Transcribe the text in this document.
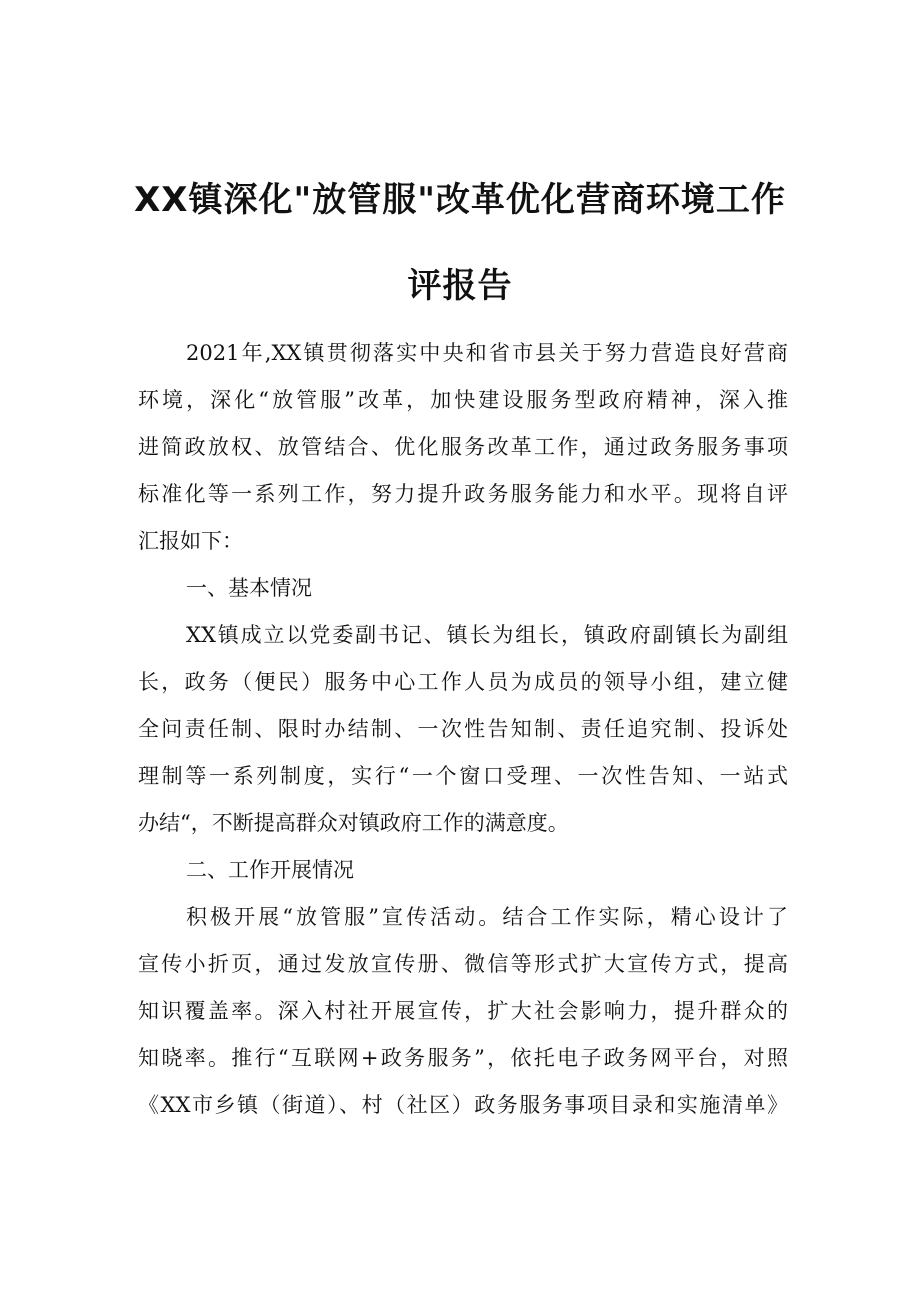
XX镇深化"放管服"改革优化营商环境工作
评报告
2021年,XX镇贯彻落实中央和省市县关于努力营造良好营商
环境，深化“放管服”改革，加快建设服务型政府精神，深入推
进简政放权、放管结合、优化服务改革工作，通过政务服务事项
标准化等一系列工作，努力提升政务服务能力和水平。现将自评
汇报如下：
一、基本情况
XX镇成立以党委副书记、镇长为组长，镇政府副镇长为副组
长，政务（便民）服务中心工作人员为成员的领导小组，建立健
全问责任制、限时办结制、一次性告知制、责任追究制、投诉处
理制等一系列制度，实行“一个窗口受理、一次性告知、一站式
办结“，不断提高群众对镇政府工作的满意度。
二、工作开展情况
积极开展“放管服”宣传活动。结合工作实际，精心设计了
宣传小折页，通过发放宣传册、微信等形式扩大宣传方式，提高
知识覆盖率。深入村社开展宣传，扩大社会影响力，提升群众的
知晓率。推行“互联网+政务服务”，依托电子政务网平台，对照
《XX市乡镇（街道）、村（社区）政务服务事项目录和实施清单》
